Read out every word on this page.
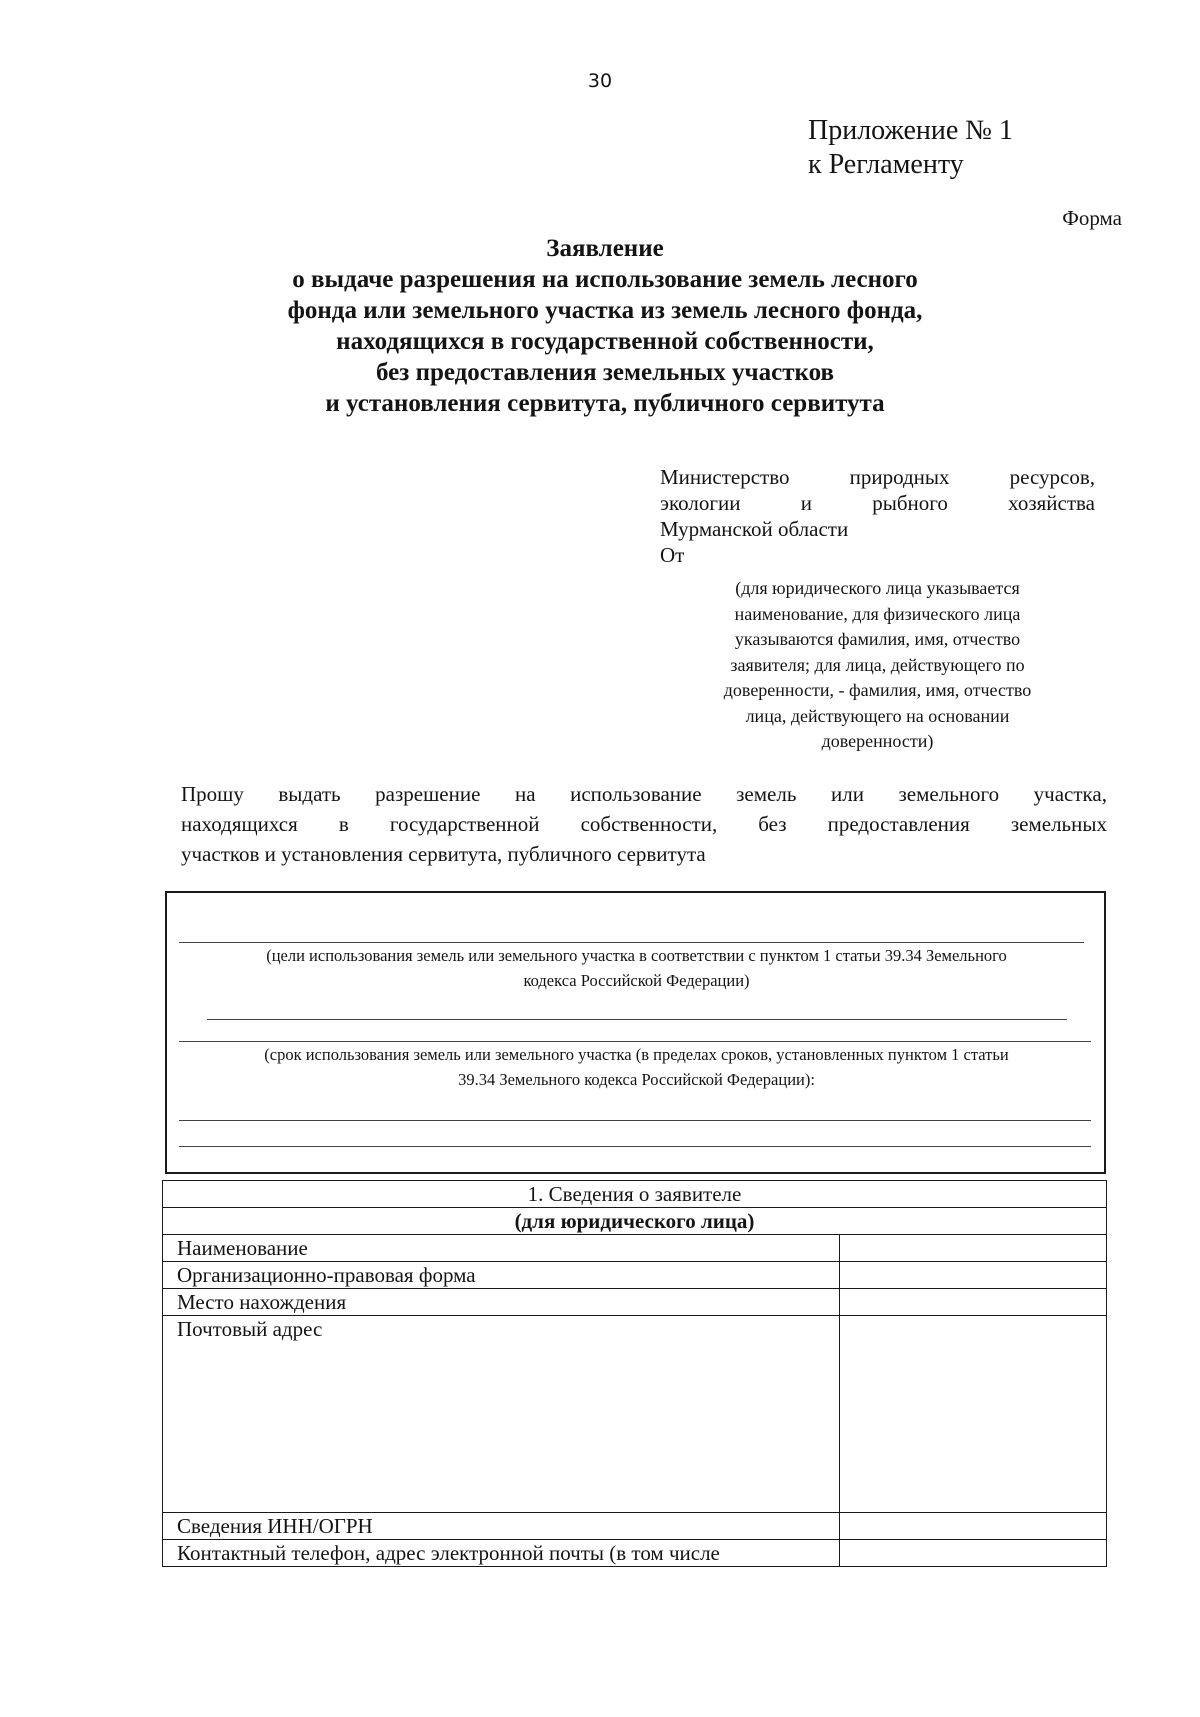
30
Приложение № 1
к Регламенту
Форма
Заявление
о выдаче разрешения на использование земель лесного
фонда или земельного участка из земель лесного фонда,
находящихся в государственной собственности,
без предоставления земельных участков
и установления сервитута, публичного сервитута
Министерство природных ресурсов,
экологии и рыбного хозяйства
Мурманской области
От
(для юридического лица указывается
наименование, для физического лица
указываются фамилия, имя, отчество
заявителя; для лица, действующего по
доверенности, - фамилия, имя, отчество
лица, действующего на основании
доверенности)
Прошу выдать разрешение на использование земель или земельного участка,
находящихся в государственной собственности, без предоставления земельных
участков и установления сервитута, публичного сервитута
(цели использования земель или земельного участка в соответствии с пунктом 1 статьи 39.34 Земельного
кодекса Российской Федерации)
(срок использования земель или земельного участка (в пределах сроков, установленных пунктом 1 статьи
39.34 Земельного кодекса Российской Федерации):
1. Сведения о заявителе	
(для юридического лица)	
Наименование	
Организационно-правовая форма	
Место нахождения	
Почтовый адрес	
Сведения ИНН/ОГРН	
Контактный телефон, адрес электронной почты (в том числе	
